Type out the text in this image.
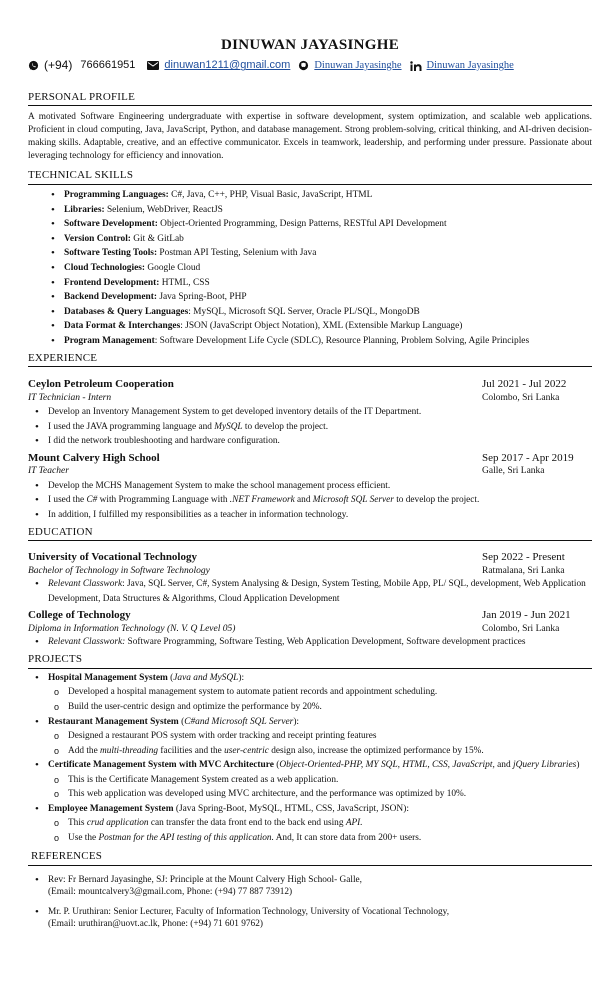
DINUWAN JAYASINGHE
(+94) 766661951	dinuwan1211@gmail.com Dinuwan Jayasinghe Dinuwan Jayasinghe
PERSONAL PROFILE

A motivated Software Engineering undergraduate with expertise in software development, system optimization, and scalable web applications. Proficient in cloud computing, Java, JavaScript, Python, and database management. Strong problem-solving, critical thinking, and AI-driven decision-making skills. Adaptable, creative, and an effective communicator. Excels in teamwork, leadership, and performing under pressure. Passionate about leveraging technology for efficiency and innovation.

TECHNICAL SKILLS
• Programming Languages: C#, Java, C++, PHP, Visual Basic, JavaScript, HTML
• Libraries: Selenium, WebDriver, ReactJS
• Software Development: Object-Oriented Programming, Design Patterns, RESTful API Development
• Version Control: Git & GitLab
• Software Testing Tools: Postman API Testing, Selenium with Java
• Cloud Technologies: Google Cloud
• Frontend Development: HTML, CSS
• Backend Development: Java Spring-Boot, PHP
• Databases & Query Languages: MySQL, Microsoft SQL Server, Oracle PL/SQL, MongoDB
• Data Format & Interchanges: JSON (JavaScript Object Notation), XML (Extensible Markup Language)
• Program Management: Software Development Life Cycle (SDLC), Resource Planning, Problem Solving, Agile Principles
EXPERIENCE
Ceylon Petroleum Cooperation	Jul 2021 - Jul 2022
IT Technician - Intern	Colombo, Sri Lanka
• Develop an Inventory Management System to get developed inventory details of the IT Department.
• I used the JAVA programming language and MySQL to develop the project.
• I did the network troubleshooting and hardware configuration.
Mount Calvery High School	Sep 2017 - Apr 2019
IT Teacher	Galle, Sri Lanka
• Develop the MCHS Management System to make the school management process efficient.
• I used the C# with Programming Language with .NET Framework and Microsoft SQL Server to develop the project.
• In addition, I fulfilled my responsibilities as a teacher in information technology.
EDUCATION
University of Vocational Technology	Sep 2022 - Present
Bachelor of Technology in Software Technology	Ratmalana, Sri Lanka
• Relevant Classwork: Java, SQL Server, C#, System Analysing & Design, System Testing, Mobile App, PL/ SQL, development, Web Application Development, Data Structures & Algorithms, Cloud Application Development
College of Technology	Jan 2019 - Jun 2021
Diploma in Information Technology (N. V. Q Level 05)	Colombo, Sri Lanka
• Relevant Classwork: Software Programming, Software Testing, Web Application Development, Software development practices
PROJECTS
• Hospital Management System (Java and MySQL):
o Developed a hospital management system to automate patient records and appointment scheduling.
o Build the user-centric design and optimize the performance by 20%.
• Restaurant Management System (C#and Microsoft SQL Server):
o Designed a restaurant POS system with order tracking and receipt printing features
o Add the multi-threading facilities and the user-centric design also, increase the optimized performance by 15%.
• Certificate Management System with MVC Architecture (Object-Oriented-PHP, MY SQL, HTML, CSS, JavaScript, and jQuery Libraries)
o This is the Certificate Management System created as a web application.
o This web application was developed using MVC architecture, and the performance was optimized by 10%.
• Employee Management System (Java Spring-Boot, MySQL, HTML, CSS, JavaScript, JSON):
o This crud application can transfer the data front end to the back end using API.
o Use the Postman for the API testing of this application. And, It can store data from 200+ users.
REFERENCES
• Rev: Fr Bernard Jayasinghe, SJ: Principle at the Mount Calvery High School- Galle,
(Email: mountcalvery3@gmail.com, Phone: (+94) 77 887 73912)
• Mr. P. Uruthiran: Senior Lecturer, Faculty of Information Technology, University of Vocational Technology,
(Email: uruthiran@uovt.ac.lk, Phone: (+94) 71 601 9762)
